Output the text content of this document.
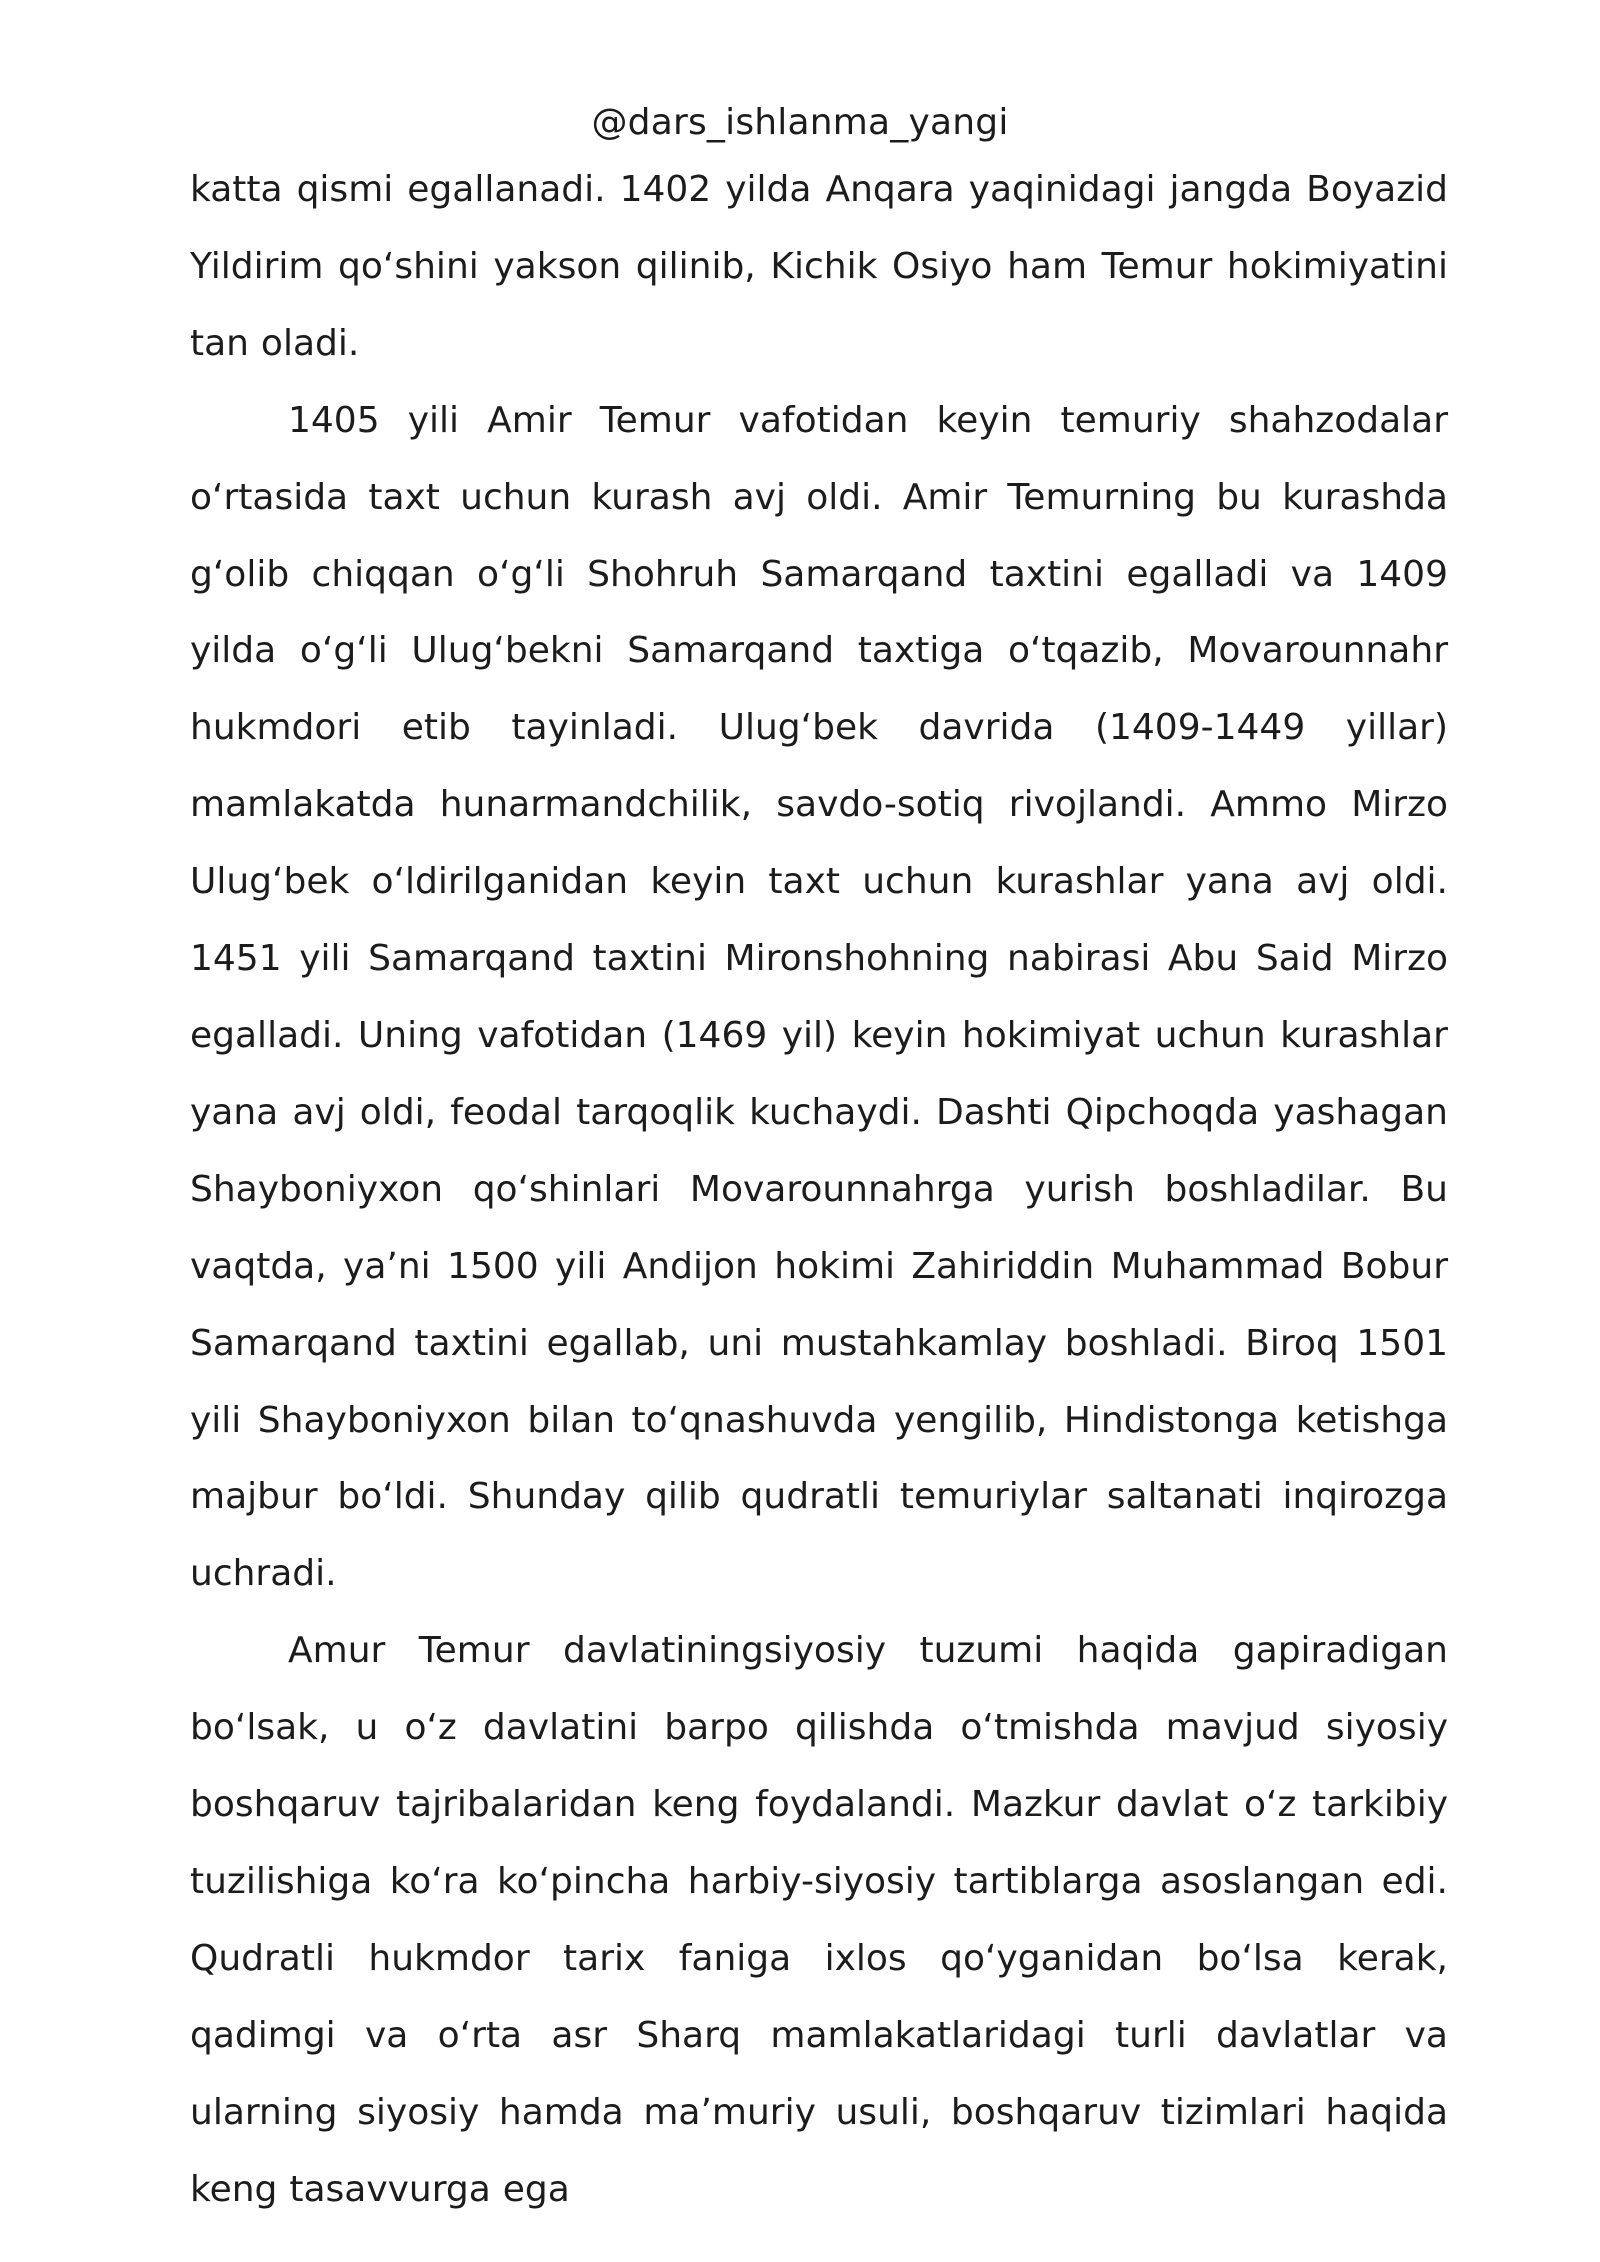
@dars_ishlanma_yangi

katta qismi egallanadi. 1402 yilda Anqara yaqinidagi jangda Boyazid Yildirim qo‘shini yakson qilinib, Kichik Osiyo ham Temur hokimiyatini tan oladi.

1405 yili Amir Temur vafotidan keyin temuriy shahzodalar o‘rtasida taxt uchun kurash avj oldi. Amir Temurning bu kurashda g‘olib chiqqan o‘g‘li Shohruh Samarqand taxtini egalladi va 1409 yilda o‘g‘li Ulug‘bekni Samarqand taxtiga o‘tqazib, Movarounnahr hukmdori etib tayinladi. Ulug‘bek davrida (1409-1449 yillar) mamlakatda hunarmandchilik, savdo-sotiq rivojlandi. Ammo Mirzo Ulug‘bek o‘ldirilganidan keyin taxt uchun kurashlar yana avj oldi. 1451 yili Samarqand taxtini Mironshohning nabirasi Abu Said Mirzo egalladi. Uning vafotidan (1469 yil) keyin hokimiyat uchun kurashlar yana avj oldi, feodal tarqoqlik kuchaydi. Dashti Qipchoqda yashagan Shayboniyxon qo‘shinlari Movarounnahrga yurish boshladilar. Bu vaqtda, ya’ni 1500 yili Andijon hokimi Zahiriddin Muhammad Bobur Samarqand taxtini egallab, uni mustahkamlay boshladi. Biroq 1501 yili Shayboniyxon bilan to‘qnashuvda yengilib, Hindistonga ketishga majbur bo‘ldi. Shunday qilib qudratli temuriylar saltanati inqirozga uchradi.

Amur Temur davlatiningsiyosiy tuzumi haqida gapiradigan bo‘lsak, u o‘z davlatini barpo qilishda o‘tmishda mavjud siyosiy boshqaruv tajribalaridan keng foydalandi. Mazkur davlat o‘z tarkibiy tuzilishiga ko‘ra ko‘pincha harbiy-siyosiy tartiblarga asoslangan edi. Qudratli hukmdor tarix faniga ixlos qo‘yganidan bo‘lsa kerak, qadimgi va o‘rta asr Sharq mamlakatlaridagi turli davlatlar va ularning siyosiy hamda ma’muriy usuli, boshqaruv tizimlari haqida keng tasavvurga ega
